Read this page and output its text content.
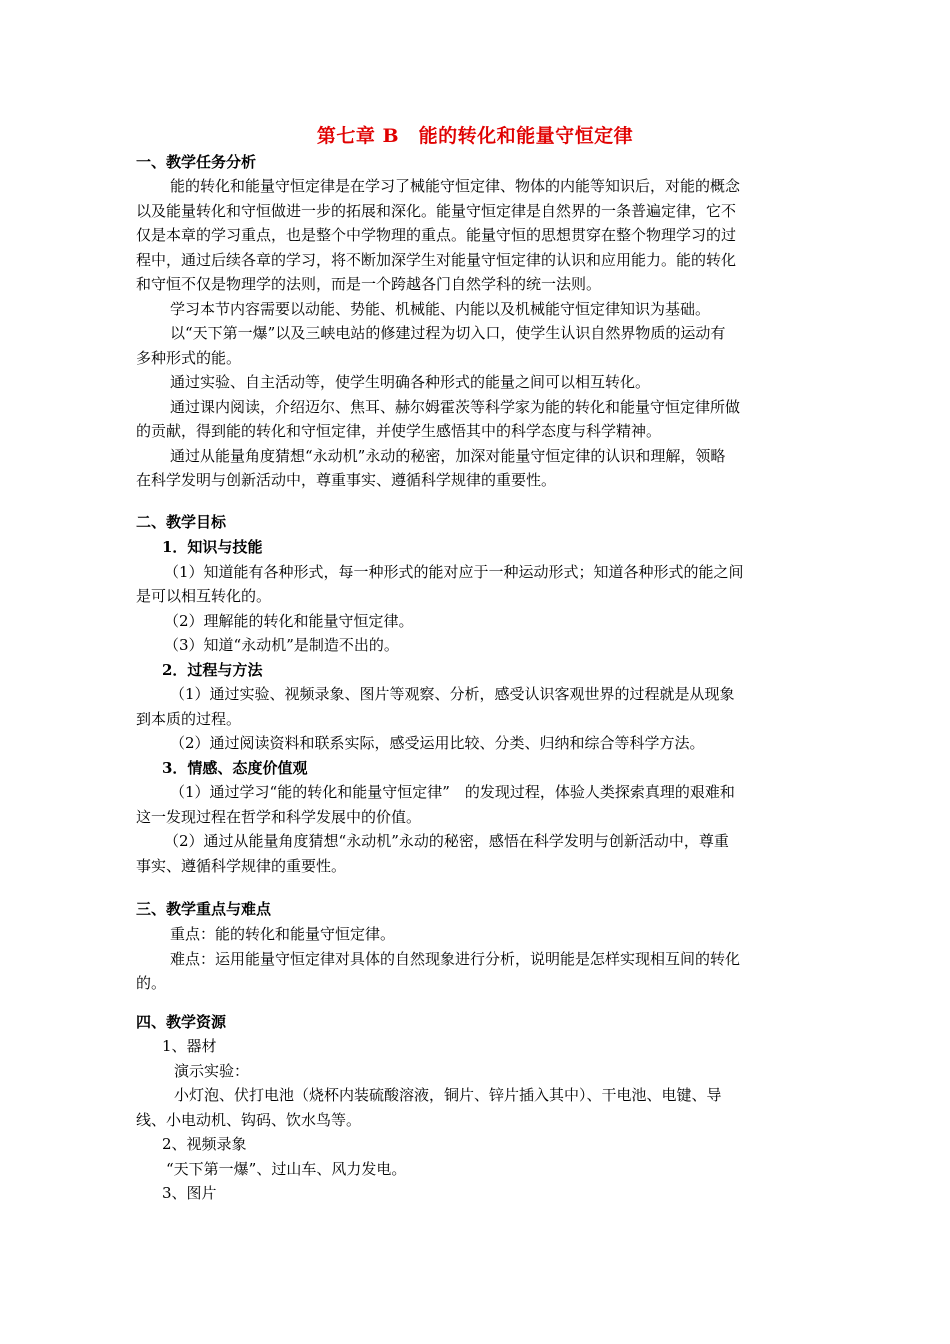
第七章 B　能的转化和能量守恒定律
一、教学任务分析
能的转化和能量守恒定律是在学习了械能守恒定律、物体的内能等知识后，对能的概念
以及能量转化和守恒做进一步的拓展和深化。能量守恒定律是自然界的一条普遍定律，它不
仅是本章的学习重点，也是整个中学物理的重点。能量守恒的思想贯穿在整个物理学习的过
程中，通过后续各章的学习，将不断加深学生对能量守恒定律的认识和应用能力。能的转化
和守恒不仅是物理学的法则，而是一个跨越各门自然学科的统一法则。
学习本节内容需要以动能、势能、机械能、内能以及机械能守恒定律知识为基础。
以“天下第一爆”以及三峡电站的修建过程为切入口，使学生认识自然界物质的运动有
多种形式的能。
通过实验、自主活动等，使学生明确各种形式的能量之间可以相互转化。
通过课内阅读，介绍迈尔、焦耳、赫尔姆霍茨等科学家为能的转化和能量守恒定律所做
的贡献，得到能的转化和守恒定律，并使学生感悟其中的科学态度与科学精神。
通过从能量角度猜想“永动机”永动的秘密，加深对能量守恒定律的认识和理解，领略
在科学发明与创新活动中，尊重事实、遵循科学规律的重要性。
二、教学目标
1．知识与技能
（1）知道能有各种形式，每一种形式的能对应于一种运动形式；知道各种形式的能之间
是可以相互转化的。
（2）理解能的转化和能量守恒定律。
（3）知道“永动机”是制造不出的。
2．过程与方法
（1）通过实验、视频录象、图片等观察、分析，感受认识客观世界的过程就是从现象
到本质的过程。
（2）通过阅读资料和联系实际，感受运用比较、分类、归纳和综合等科学方法。
3．情感、态度价值观
（1）通过学习“能的转化和能量守恒定律”　的发现过程，体验人类探索真理的艰难和
这一发现过程在哲学和科学发展中的价值。
（2）通过从能量角度猜想“永动机”永动的秘密，感悟在科学发明与创新活动中，尊重
事实、遵循科学规律的重要性。
三、教学重点与难点
重点：能的转化和能量守恒定律。
难点：运用能量守恒定律对具体的自然现象进行分析，说明能是怎样实现相互间的转化
的。
四、教学资源
1、器材
演示实验：
小灯泡、伏打电池（烧杯内装硫酸溶液，铜片、锌片插入其中）、干电池、电键、导
线、小电动机、钩码、饮水鸟等。
2、视频录象
“天下第一爆”、过山车、风力发电。
3、图片
